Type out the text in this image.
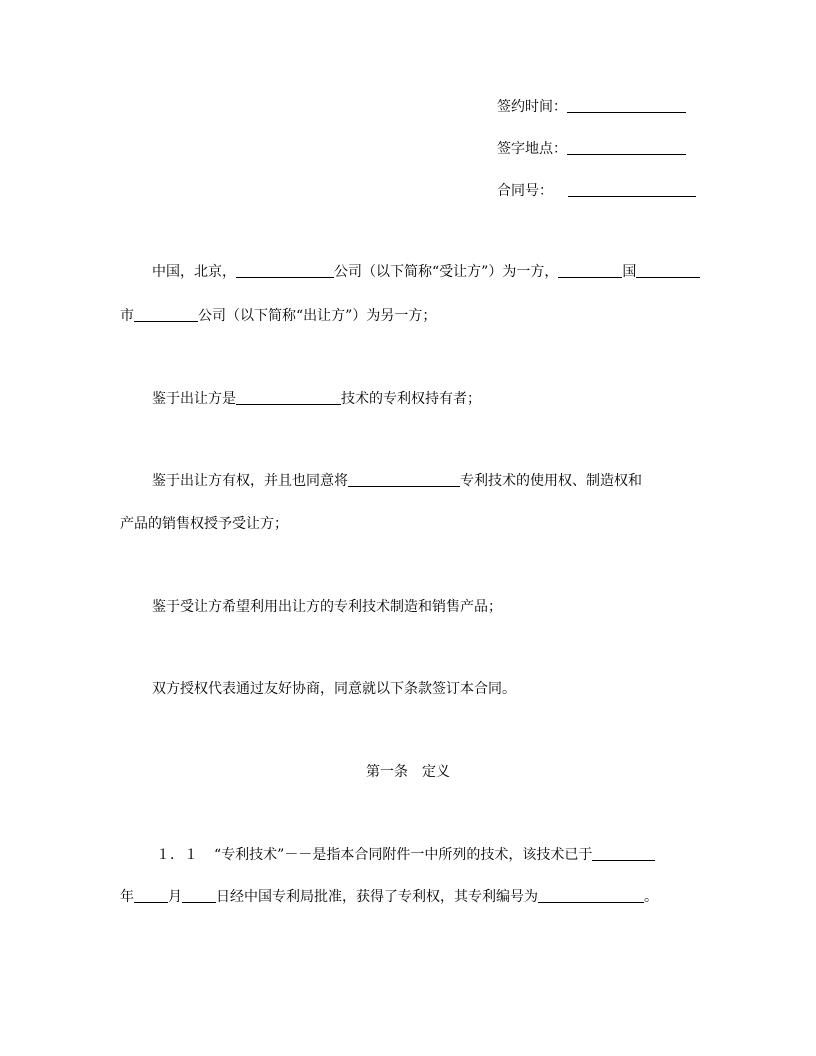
签约时间：
签字地点：
合同号：
中国，北京，	公司（以下简称“受让方”）为一方，	国
市	公司（以下简称“出让方”）为另一方；
鉴于出让方是	技术的专利权持有者；
鉴于出让方有权，并且也同意将	专利技术的使用权、制造权和
产品的销售权授予受让方；
鉴于受让方希望利用出让方的专利技术制造和销售产品；
双方授权代表通过友好协商，同意就以下条款签订本合同。
第一条　定义
１．１ “专利技术”－－是指本合同附件一中所列的技术，该技术已于
年 月 日经中国专利局批准，获得了专利权，其专利编号为	。
